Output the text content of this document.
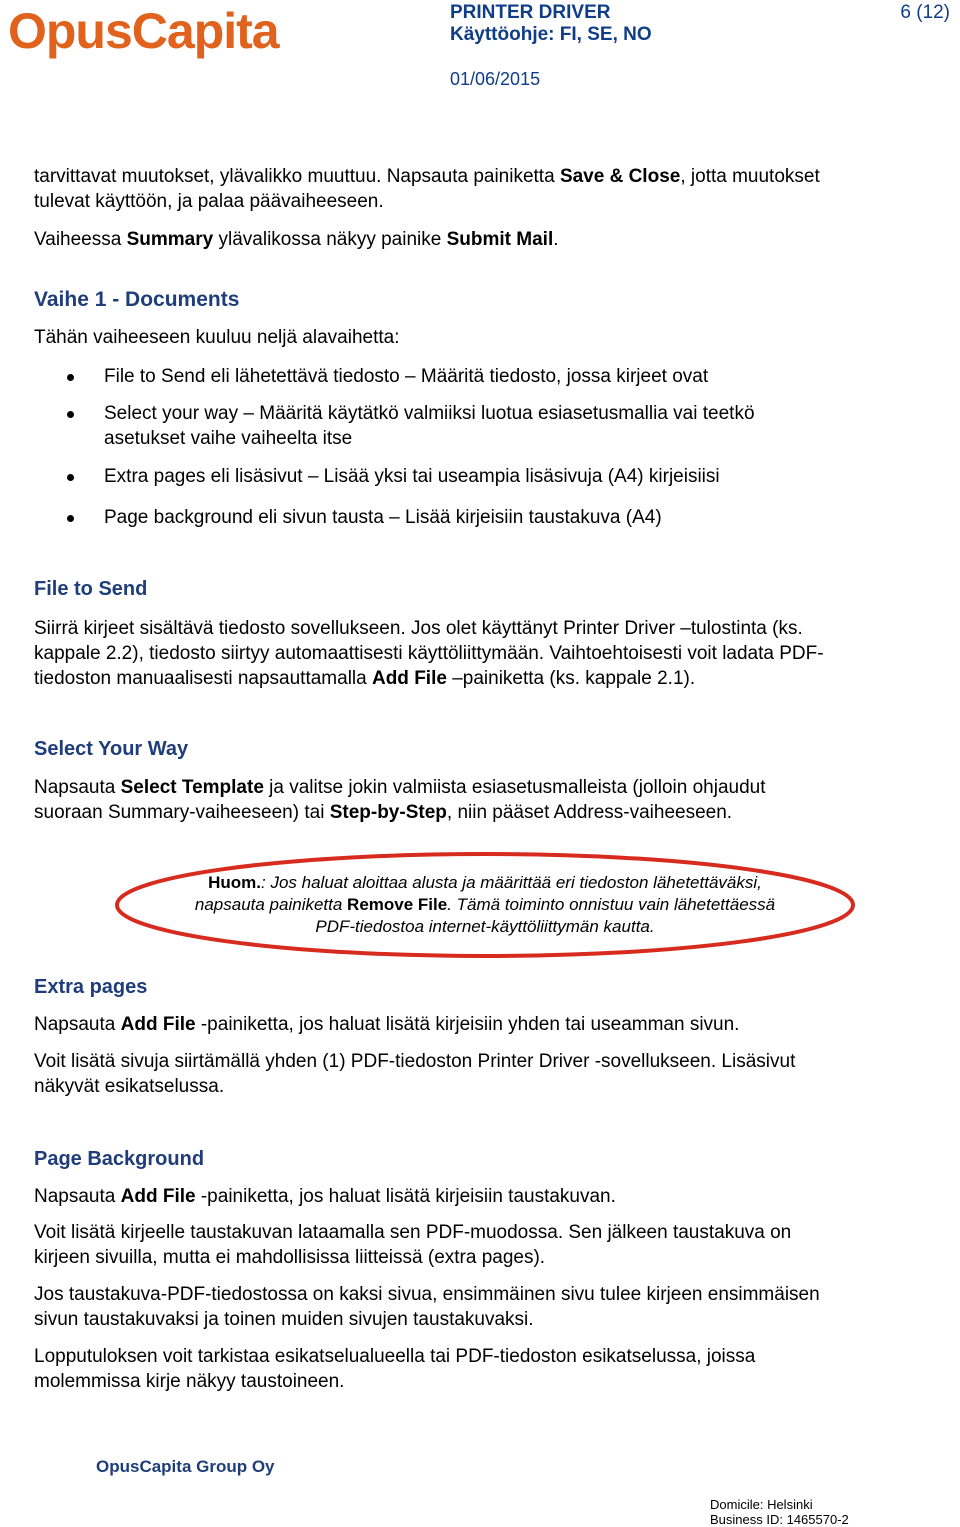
OpusCapita	PRINTER DRIVER
Käyttöohje: FI, SE, NO
01/06/2015
6 (12)
tarvittavat muutokset, ylävalikko muuttuu. Napsauta painiketta Save & Close, jotta muutokset
tulevat käyttöön, ja palaa päävaiheeseen.
Vaiheessa Summary ylävalikossa näkyy painike Submit Mail.
Vaihe 1 - Documents
Tähän vaiheeseen kuuluu neljä alavaihetta:
File to Send eli lähetettävä tiedosto – Määritä tiedosto, jossa kirjeet ovat
Select your way – Määritä käytätkö valmiiksi luotua esiasetusmallia vai teetkö
asetukset vaihe vaiheelta itse
Extra pages eli lisäsivut – Lisää yksi tai useampia lisäsivuja (A4) kirjeisiisi
Page background eli sivun tausta – Lisää kirjeisiin taustakuva (A4)
File to Send
Siirrä kirjeet sisältävä tiedosto sovellukseen. Jos olet käyttänyt Printer Driver –tulostinta (ks.
kappale 2.2), tiedosto siirtyy automaattisesti käyttöliittymään. Vaihtoehtoisesti voit ladata PDF-
tiedoston manuaalisesti napsauttamalla Add File –painiketta (ks. kappale 2.1).
Select Your Way
Napsauta Select Template ja valitse jokin valmiista esiasetusmalleista (jolloin ohjaudut
suoraan Summary-vaiheeseen) tai Step-by-Step, niin pääset Address-vaiheeseen.
Huom.: Jos haluat aloittaa alusta ja määrittää eri tiedoston lähetettäväksi,
napsauta painiketta Remove File. Tämä toiminto onnistuu vain lähetettäessä
PDF-tiedostoa internet-käyttöliittymän kautta.
Extra pages
Napsauta Add File -painiketta, jos haluat lisätä kirjeisiin yhden tai useamman sivun.
Voit lisätä sivuja siirtämällä yhden (1) PDF-tiedoston Printer Driver -sovellukseen. Lisäsivut
näkyvät esikatselussa.
Page Background
Napsauta Add File -painiketta, jos haluat lisätä kirjeisiin taustakuvan.
Voit lisätä kirjeelle taustakuvan lataamalla sen PDF-muodossa. Sen jälkeen taustakuva on
kirjeen sivuilla, mutta ei mahdollisissa liitteissä (extra pages).
Jos taustakuva-PDF-tiedostossa on kaksi sivua, ensimmäinen sivu tulee kirjeen ensimmäisen
sivun taustakuvaksi ja toinen muiden sivujen taustakuvaksi.
Lopputuloksen voit tarkistaa esikatselualueella tai PDF-tiedoston esikatselussa, joissa
molemmissa kirje näkyy taustoineen.
OpusCapita Group Oy
Domicile: Helsinki
Business ID: 1465570-2
